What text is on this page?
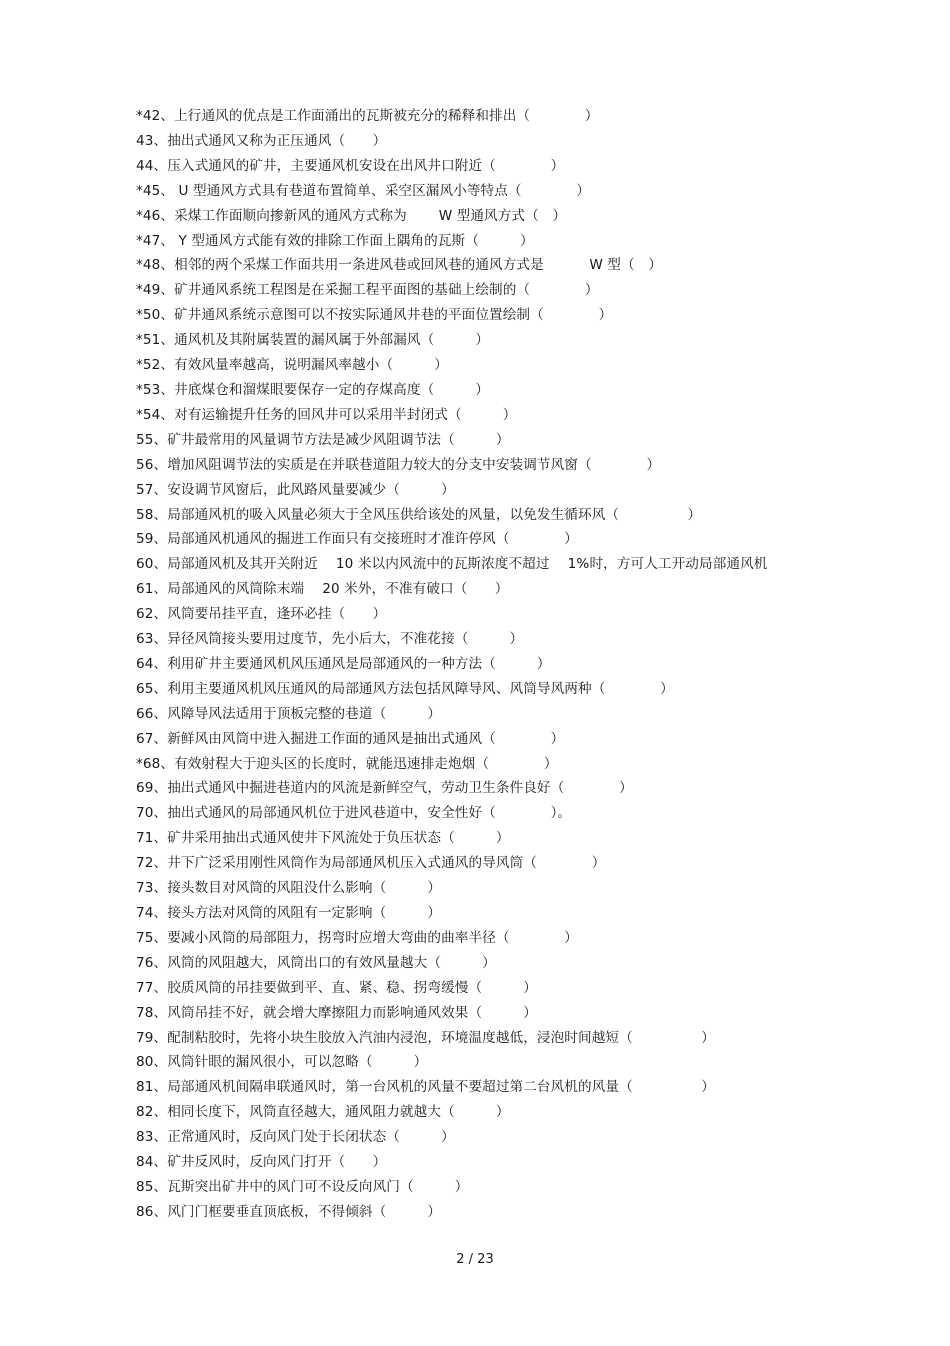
*42、上行通风的优点是工作面涌出的瓦斯被充分的稀释和排出（　　　　）
43、抽出式通风又称为正压通风（　　）
44、压入式通风的矿井，主要通风机安设在出风井口附近（　　　　）
*45、 U 型通风方式具有巷道布置简单、采空区漏风小等特点（　　　　）
*46、采煤工作面顺向掺新风的通风方式称为　　 W 型通风方式（　）
*47、 Y 型通风方式能有效的排除工作面上隅角的瓦斯（　　　）
*48、相邻的两个采煤工作面共用一条进风巷或回风巷的通风方式是　　　 W 型（　）
*49、矿井通风系统工程图是在采掘工程平面图的基础上绘制的（　　　　）
*50、矿井通风系统示意图可以不按实际通风井巷的平面位置绘制（　　　　）
*51、通风机及其附属装置的漏风属于外部漏风（　　　）
*52、有效风量率越高，说明漏风率越小（　　　）
*53、井底煤仓和溜煤眼要保存一定的存煤高度（　　　）
*54、对有运输提升任务的回风井可以采用半封闭式（　　　）
55、矿井最常用的风量调节方法是减少风阻调节法（　　　）
56、增加风阻调节法的实质是在并联巷道阻力较大的分支中安装调节风窗（　　　　）
57、安设调节风窗后，此风路风量要减少（　　　）
58、局部通风机的吸入风量必须大于全风压供给该处的风量，以免发生循环风（　　　　　）
59、局部通风机通风的掘进工作面只有交接班时才准许停风（　　　　）
60、局部通风机及其开关附近　 10 米以内风流中的瓦斯浓度不超过　 1%时，方可人工开动局部通风机
61、局部通风的风筒除末端　 20 米外，不准有破口（　　）
62、风筒要吊挂平直，逢环必挂（　　）
63、异径风筒接头要用过度节，先小后大，不准花接（　　　）
64、利用矿井主要通风机风压通风是局部通风的一种方法（　　　）
65、利用主要通风机风压通风的局部通风方法包括风障导风、风筒导风两种（　　　　）
66、风障导风法适用于顶板完整的巷道（　　　）
67、新鲜风由风筒中进入掘进工作面的通风是抽出式通风（　　　　）
*68、有效射程大于迎头区的长度时，就能迅速排走炮烟（　　　　）
69、抽出式通风中掘进巷道内的风流是新鲜空气，劳动卫生条件良好（　　　　）
70、抽出式通风的局部通风机位于进风巷道中，安全性好（　　　　）。
71、矿井采用抽出式通风使井下风流处于负压状态（　　　）
72、井下广泛采用刚性风筒作为局部通风机压入式通风的导风筒（　　　　）
73、接头数目对风筒的风阻没什么影响（　　　）
74、接头方法对风筒的风阻有一定影响（　　　）
75、要减小风筒的局部阻力，拐弯时应增大弯曲的曲率半径（　　　　）
76、风筒的风阻越大，风筒出口的有效风量越大（　　　）
77、胶质风筒的吊挂要做到平、直、紧、稳、拐弯缓慢（　　　）
78、风筒吊挂不好，就会增大摩擦阻力而影响通风效果（　　　）
79、配制粘胶时，先将小块生胶放入汽油内浸泡，环境温度越低，浸泡时间越短（　　　　　）
80、风筒针眼的漏风很小，可以忽略（　　　）
81、局部通风机间隔串联通风时，第一台风机的风量不要超过第二台风机的风量（　　　　　）
82、相同长度下，风筒直径越大，通风阻力就越大（　　　）
83、正常通风时，反向风门处于长闭状态（　　　）
84、矿井反风时，反向风门打开（　　）
85、瓦斯突出矿井中的风门可不设反向风门（　　　）
86、风门门框要垂直顶底板，不得倾斜（　　　）
2 / 23
